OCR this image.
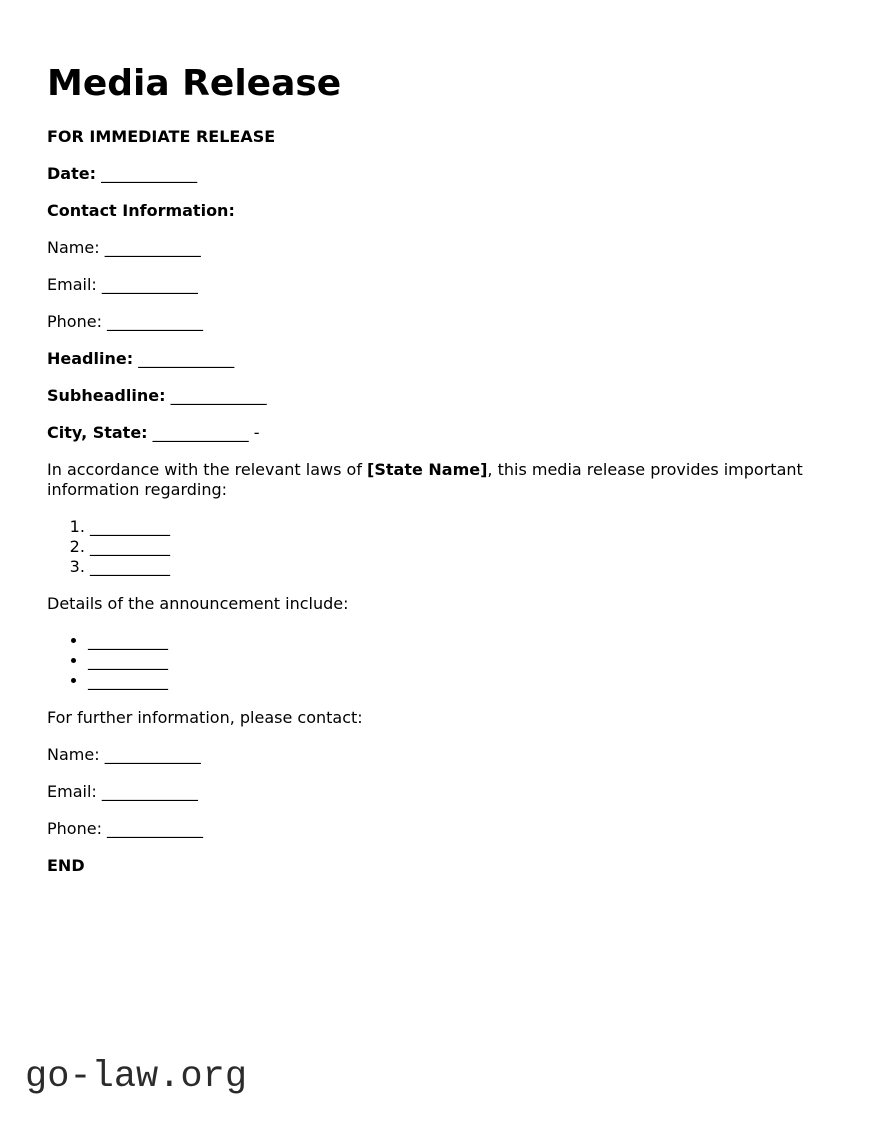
Media Release

FOR IMMEDIATE RELEASE

Date: ____________

Contact Information:

Name: ____________

Email: ____________

Phone: ____________

Headline: ____________

Subheadline: ____________

City, State: ____________ -

In accordance with the relevant laws of [State Name], this media release provides important information regarding:

1. __________
2. __________
3. __________

Details of the announcement include:

• __________
• __________
• __________

For further information, please contact:

Name: ____________

Email: ____________

Phone: ____________

END

go-law.org
